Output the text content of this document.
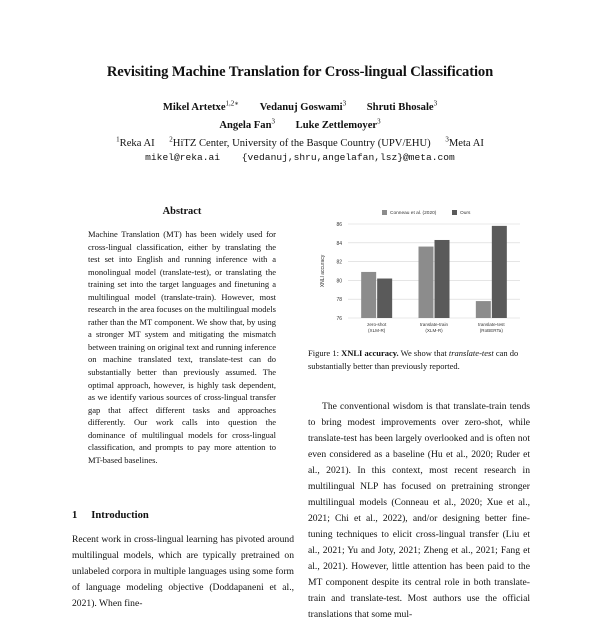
Revisiting Machine Translation for Cross-lingual Classification
Mikel Artetxe$^{1,2∗}$ Vedanuj Goswami$^3$ Shruti Bhosale$^3$
Angela Fan$^3$ Luke Zettlemoyer$^3$
$^1$Reka AI $^2$HiTZ Center, University of the Basque Country (UPV/EHU) $^3$Meta AI
mikel@reka.ai {vedanuj,shru,angelafan,lsz}@meta.com
Abstract
Machine Translation (MT) has been widely used for cross-lingual classification, either by translating the test set into English and running inference with a monolingual model (translate-test), or translating the training set into the target languages and finetuning a multilingual model (translate-train). However, most research in the area focuses on the multilingual models rather than the MT component. We show that, by using a stronger MT system and mitigating the mismatch between training on original text and running inference on machine translated text, translate-test can do substantially better than previously assumed. The optimal approach, however, is highly task dependent, as we identify various sources of cross-lingual transfer gap that affect different tasks and approaches differently. Our work calls into question the dominance of multilingual models for cross-lingual classification, and prompts to pay more attention to MT-based baselines.
1 Introduction
Recent work in cross-lingual learning has pivoted around multilingual models, which are typically pretrained on unlabeled corpora in multiple languages using some form of language modeling objective (Doddapaneni et al., 2021). When fine-
76
78
80
82
84
86
XNLI accuracy
zero-shot
(XLM-R)
translate-train
(XLM-R)
translate-test
(RoBERTa)
Conneau et al. (2020)	Ours
Figure 1: XNLI accuracy. We show that translate-test can do substantially better than previously reported.

The conventional wisdom is that translate-train tends to bring modest improvements over zero-shot, while translate-test has been largely overlooked and is often not even considered as a baseline (Hu et al., 2020; Ruder et al., 2021). In this context, most recent research in multilingual NLP has focused on pretraining stronger multilingual models (Conneau et al., 2020; Xue et al., 2021; Chi et al., 2022), and/or designing better fine-tuning techniques to elicit cross-lingual transfer (Liu et al., 2021; Yu and Joty, 2021; Zheng et al., 2021; Fang et al., 2021). However, little attention has been paid to the MT component despite its central role in both translate-train and translate-test. Most authors use the official translations that some mul-
